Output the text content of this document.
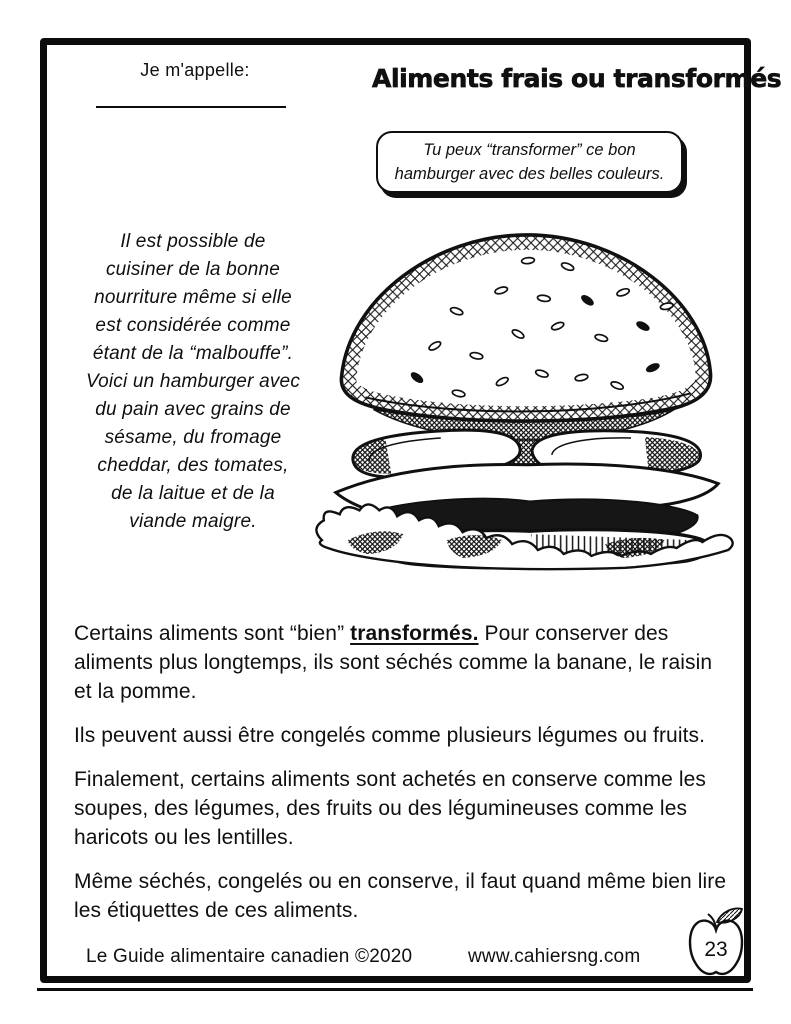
Je m'appelle:	Aliments frais ou transformés
Tu peux “transformer” ce bon
hamburger avec des belles couleurs.
Il est possible de
cuisiner de la bonne
nourriture même si elle
est considérée comme
étant de la “malbouffe”.
Voici un hamburger avec
du pain avec grains de
sésame, du fromage
cheddar, des tomates,
de la laitue et de la
viande maigre.

Certains aliments sont “bien” transformés. Pour conserver des aliments plus longtemps, ils sont séchés comme la banane, le raisin et la pomme.

Ils peuvent aussi être congelés comme plusieurs légumes ou fruits.

Finalement, certains aliments sont achetés en conserve comme les soupes, des légumes, des fruits ou des légumineuses comme les haricots ou les lentilles.

Même séchés, congelés ou en conserve, il faut quand même bien lire les étiquettes de ces aliments.

Le Guide alimentaire canadien ©2020	www.cahiersng.com	23
